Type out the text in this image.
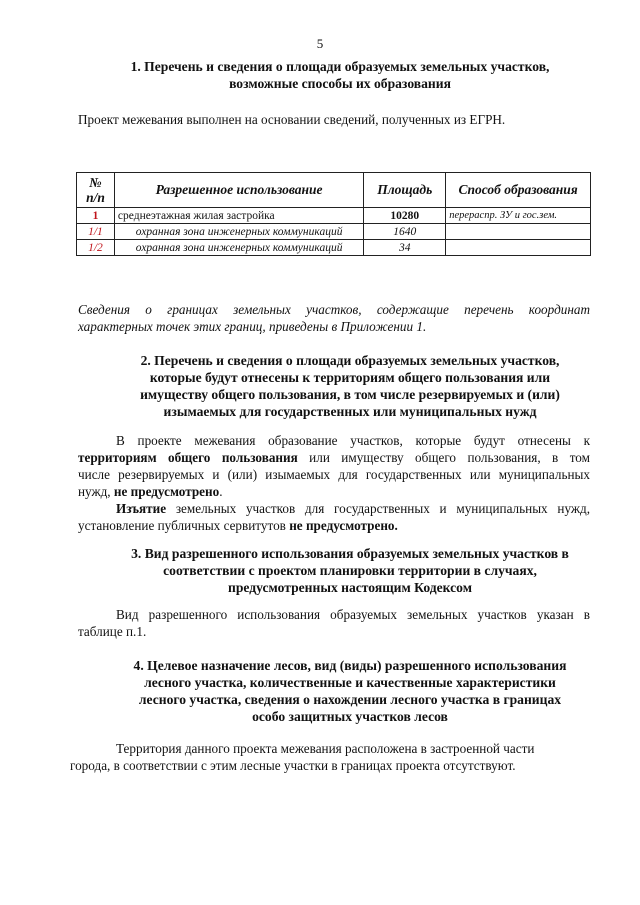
5
1. Перечень и сведения о площади образуемых земельных участков,
возможные способы их образования
Проект межевания выполнен на основании сведений, полученных из ЕГРН.
№
п/п	Разрешенное использование	Площадь	Способ образования
1	среднеэтажная жилая застройка	10280	перераспр. ЗУ и гос.зем.
1/1	охранная зона инженерных коммуникаций	1640	
1/2	охранная зона инженерных коммуникаций	34	
Сведения о границах земельных участков, содержащие перечень координат
характерных точек этих границ, приведены в Приложении 1.
2. Перечень и сведения о площади образуемых земельных участков,
которые будут отнесены к территориям общего пользования или
имуществу общего пользования, в том числе резервируемых и (или)
изымаемых для государственных или муниципальных нужд
В проекте межевания образование участков, которые будут отнесены к
территориям общего пользования или имуществу общего пользования, в том
числе резервируемых и (или) изымаемых для государственных или муниципальных
нужд, не предусмотрено.
Изъятие земельных участков для государственных и муниципальных нужд,
установление публичных сервитутов не предусмотрено.
3. Вид разрешенного использования образуемых земельных участков в
соответствии с проектом планировки территории в случаях,
предусмотренных настоящим Кодексом
Вид разрешенного использования образуемых земельных участков указан в
таблице п.1.
4. Целевое назначение лесов, вид (виды) разрешенного использования
лесного участка, количественные и качественные характеристики
лесного участка, сведения о нахождении лесного участка в границах
особо защитных участков лесов
Территория данного проекта межевания расположена в застроенной части
города, в соответствии с этим лесные участки в границах проекта отсутствуют.
